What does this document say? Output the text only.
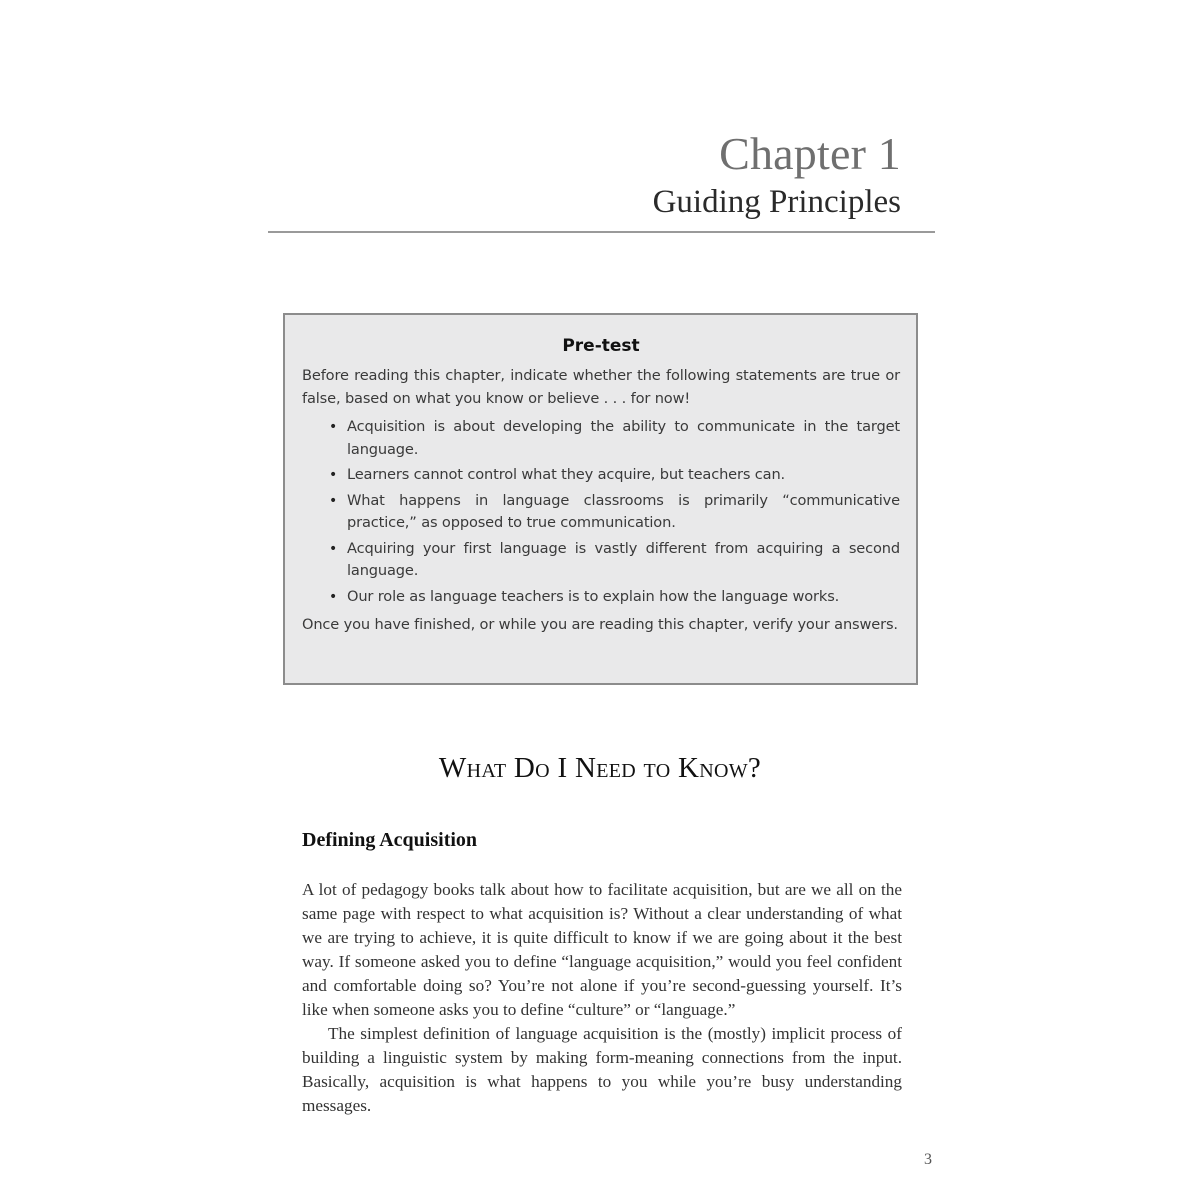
Chapter 1
Guiding Principles
Pre-test

Before reading this chapter, indicate whether the following statements are true or false, based on what you know or believe . . . for now!

• Acquisition is about developing the ability to communicate in the target language.
• Learners cannot control what they acquire, but teachers can.
• What happens in language classrooms is primarily “communicative practice,” as opposed to true communication.
• Acquiring your first language is vastly different from acquiring a second language.
• Our role as language teachers is to explain how the language works.

Once you have finished, or while you are reading this chapter, verify your answers.

What Do I Need to Know?
Defining Acquisition

A lot of pedagogy books talk about how to facilitate acquisition, but are we all on the same page with respect to what acquisition is? Without a clear understanding of what we are trying to achieve, it is quite difficult to know if we are going about it the best way. If someone asked you to define “language acquisition,” would you feel confident and comfortable doing so? You’re not alone if you’re second-guessing yourself. It’s like when someone asks you to define “culture” or “language.”

The simplest definition of language acquisition is the (mostly) implicit process of building a linguistic system by making form-meaning connections from the input. Basically, acquisition is what happens to you while you’re busy understanding messages.

3
